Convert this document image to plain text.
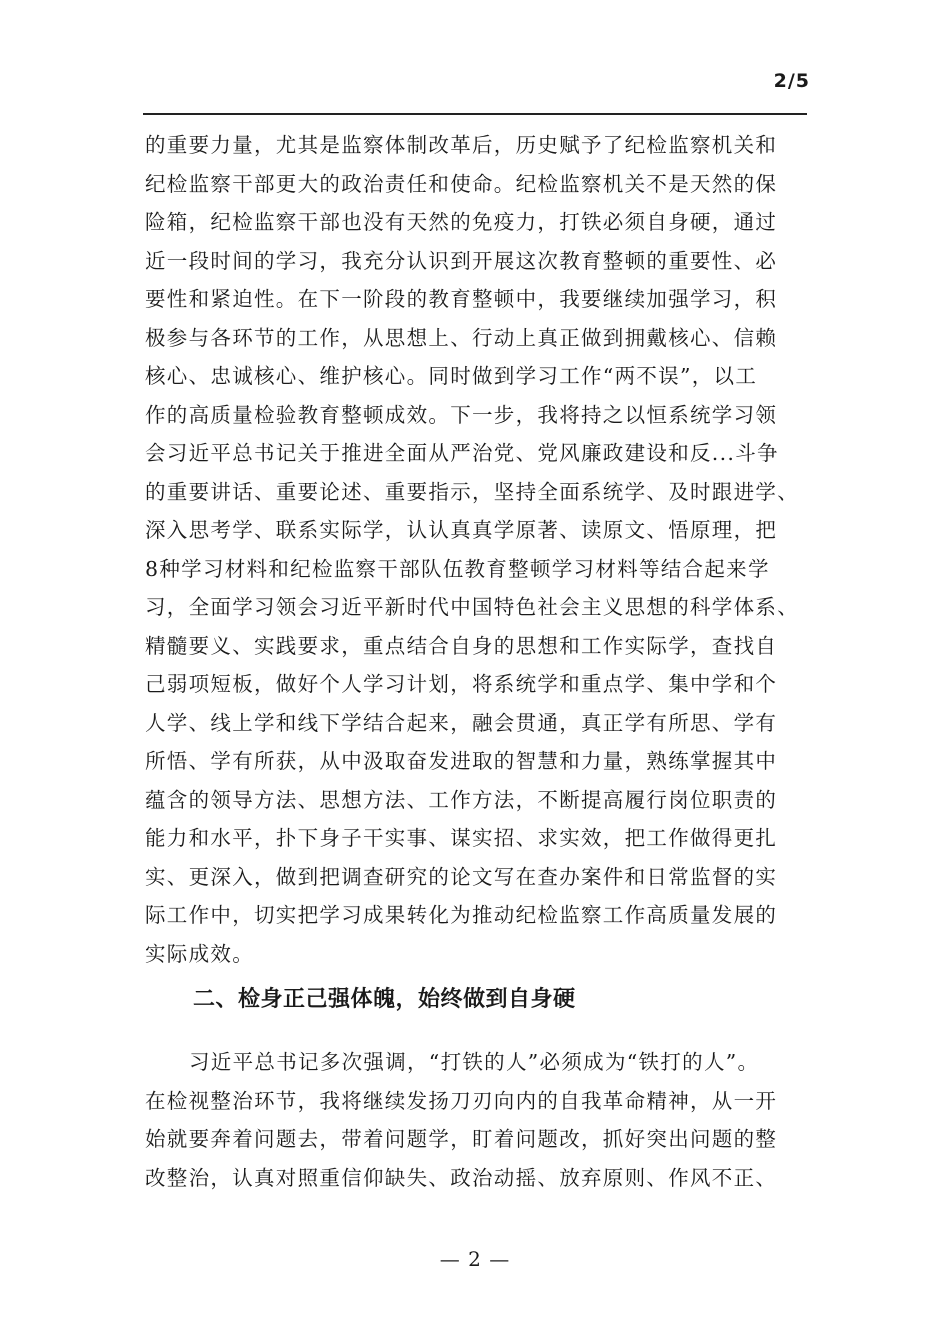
2/5
的重要力量，尤其是监察体制改革后，历史赋予了纪检监察机关和
纪检监察干部更大的政治责任和使命。纪检监察机关不是天然的保
险箱，纪检监察干部也没有天然的免疫力，打铁必须自身硬，通过
近一段时间的学习，我充分认识到开展这次教育整顿的重要性、必
要性和紧迫性。在下一阶段的教育整顿中，我要继续加强学习，积
极参与各环节的工作，从思想上、行动上真正做到拥戴核心、信赖
核心、忠诚核心、维护核心。同时做到学习工作“两不误”，以工
作的高质量检验教育整顿成效。下一步，我将持之以恒系统学习领
会习近平总书记关于推进全面从严治党、党风廉政建设和反...斗争
的重要讲话、重要论述、重要指示，坚持全面系统学、及时跟进学、
深入思考学、联系实际学，认认真真学原著、读原文、悟原理，把
8种学习材料和纪检监察干部队伍教育整顿学习材料等结合起来学
习，全面学习领会习近平新时代中国特色社会主义思想的科学体系、
精髓要义、实践要求，重点结合自身的思想和工作实际学，查找自
己弱项短板，做好个人学习计划，将系统学和重点学、集中学和个
人学、线上学和线下学结合起来，融会贯通，真正学有所思、学有
所悟、学有所获，从中汲取奋发进取的智慧和力量，熟练掌握其中
蕴含的领导方法、思想方法、工作方法，不断提高履行岗位职责的
能力和水平，扑下身子干实事、谋实招、求实效，把工作做得更扎
实、更深入，做到把调查研究的论文写在查办案件和日常监督的实
际工作中，切实把学习成果转化为推动纪检监察工作高质量发展的
实际成效。
二、检身正己强体魄，始终做到自身硬
习近平总书记多次强调，“打铁的人”必须成为“铁打的人”。
在检视整治环节，我将继续发扬刀刃向内的自我革命精神，从一开
始就要奔着问题去，带着问题学，盯着问题改，抓好突出问题的整
改整治，认真对照重信仰缺失、政治动摇、放弃原则、作风不正、
— 2 —
